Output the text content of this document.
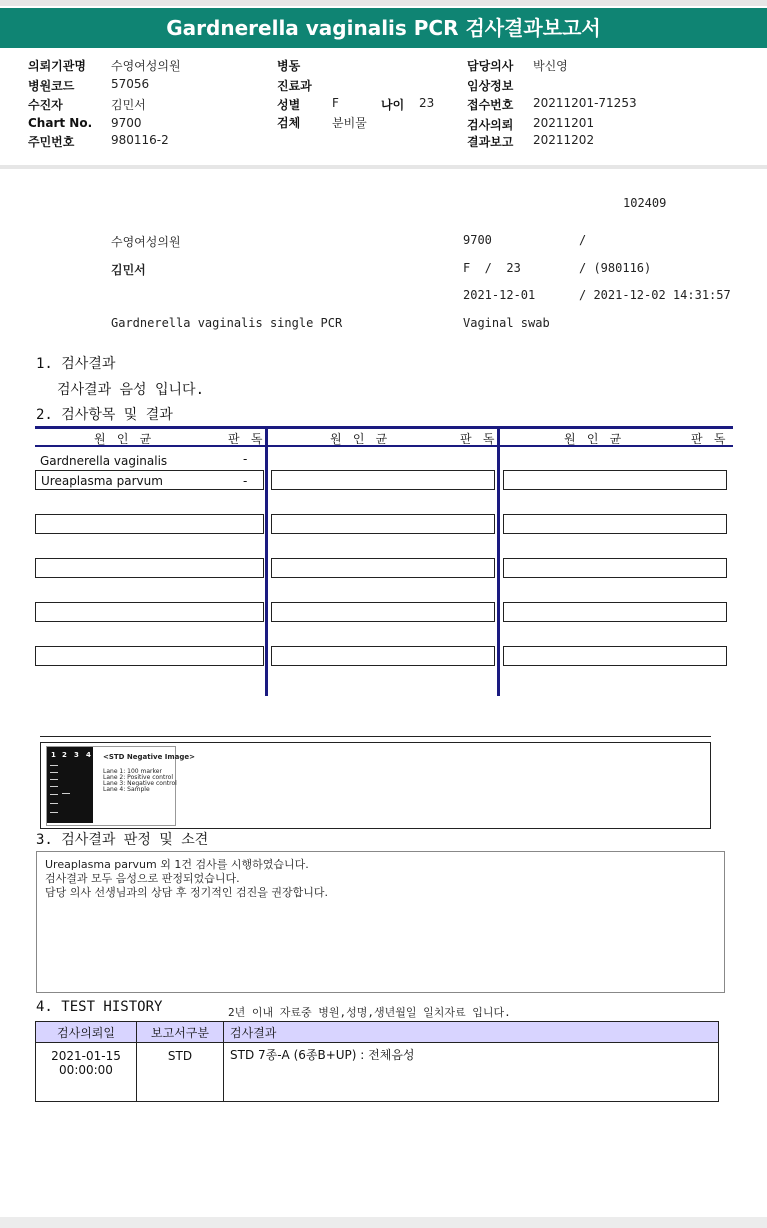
Gardnerella vaginalis PCR 검사결과보고서
의뢰기관명 수영여성의원
병원코드	57056
수진자	김민서
Chart No. 9700
주민번호	980116-2
병동
진료과
성별	F	나이 23
검체	분비물
담당의사 박신영
임상정보
접수번호 20211201-71253
검사의뢰 20211201
결과보고 20211202
102409
수영여성의원	9700	/
김민서	F  /  23	/ (980116)
2021-12-01	/ 2021-12-02 14:31:57
Gardnerella vaginalis single PCR	Vaginal swab
1. 검사결과
검사결과 음성 입니다.
2. 검사항목 및 결과
원 인 균	판 독	원 인 균	판 독	원 인 균	판 독
Gardnerella vaginalis	-
Ureaplasma parvum	-
1 2 3 4 <STD Negative Image>
Lane 1: 100 marker
Lane 2: Positive control
Lane 3: Negative control
Lane 4: Sample
3. 검사결과 판정 및 소견
Ureaplasma parvum 외 1건 검사를 시행하였습니다.
검사결과 모두 음성으로 판정되었습니다.
담당 의사 선생님과의 상담 후 정기적인 검진을 권장합니다.
4. TEST HISTORY	2년 이내 자료중 병원,성명,생년월일 일치자료 입니다.
검사의뢰일	보고서구분	검사결과

2021-01-15
00:00:00	STD	STD 7종-A (6종B+UP) : 전체음성
